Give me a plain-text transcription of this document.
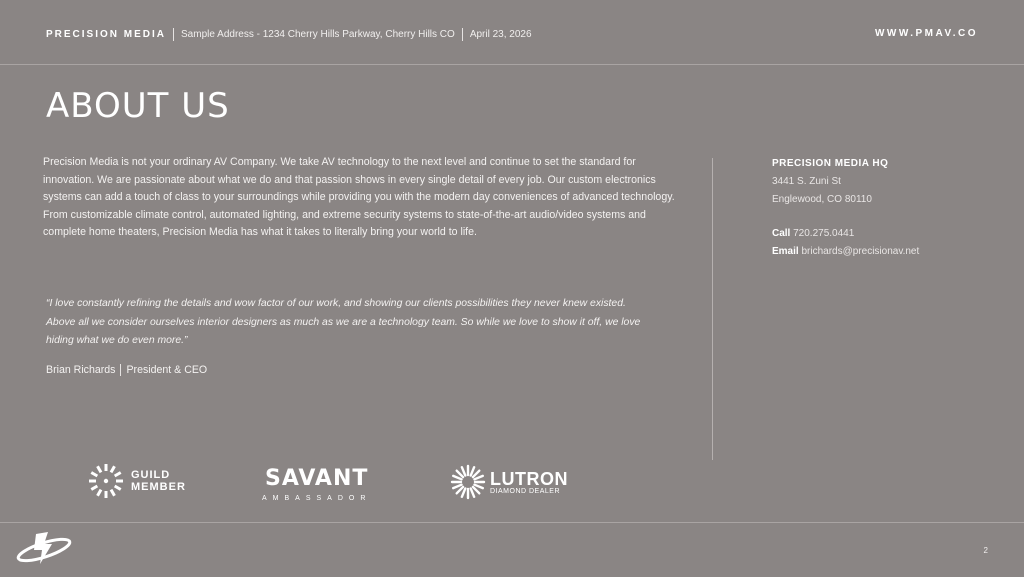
PRECISION MEDIA Sample Address - 1234 Cherry Hills Parkway, Cherry Hills CO April 23, 2026	WWW.PMAV.CO
ABOUT US

Precision Media is not your ordinary AV Company. We take AV technology to the next level and continue to set the standard for innovation. We are passionate about what we do and that passion shows in every single detail of every job. Our custom electronics systems can add a touch of class to your surroundings while providing you with the modern day conveniences of advanced technology. From customizable climate control, automated lighting, and extreme security systems to state-of-the-art audio/video systems and complete home theaters, Precision Media has what it takes to literally bring your world to life.

“I love constantly refining the details and wow factor of our work, and showing our clients possibilities they never knew existed. Above all we consider ourselves interior designers as much as we are a technology team. So while we love to show it off, we love hiding what we do even more.”

Brian Richards President & CEO
PRECISION MEDIA HQ
3441 S. Zuni St
Englewood, CO 80110
Call 720.275.0441
Email brichards@precisionav.net
GUILD
MEMBER	SAVANT
AMBASSADOR
LUTRON
DIAMOND DEALER
2
